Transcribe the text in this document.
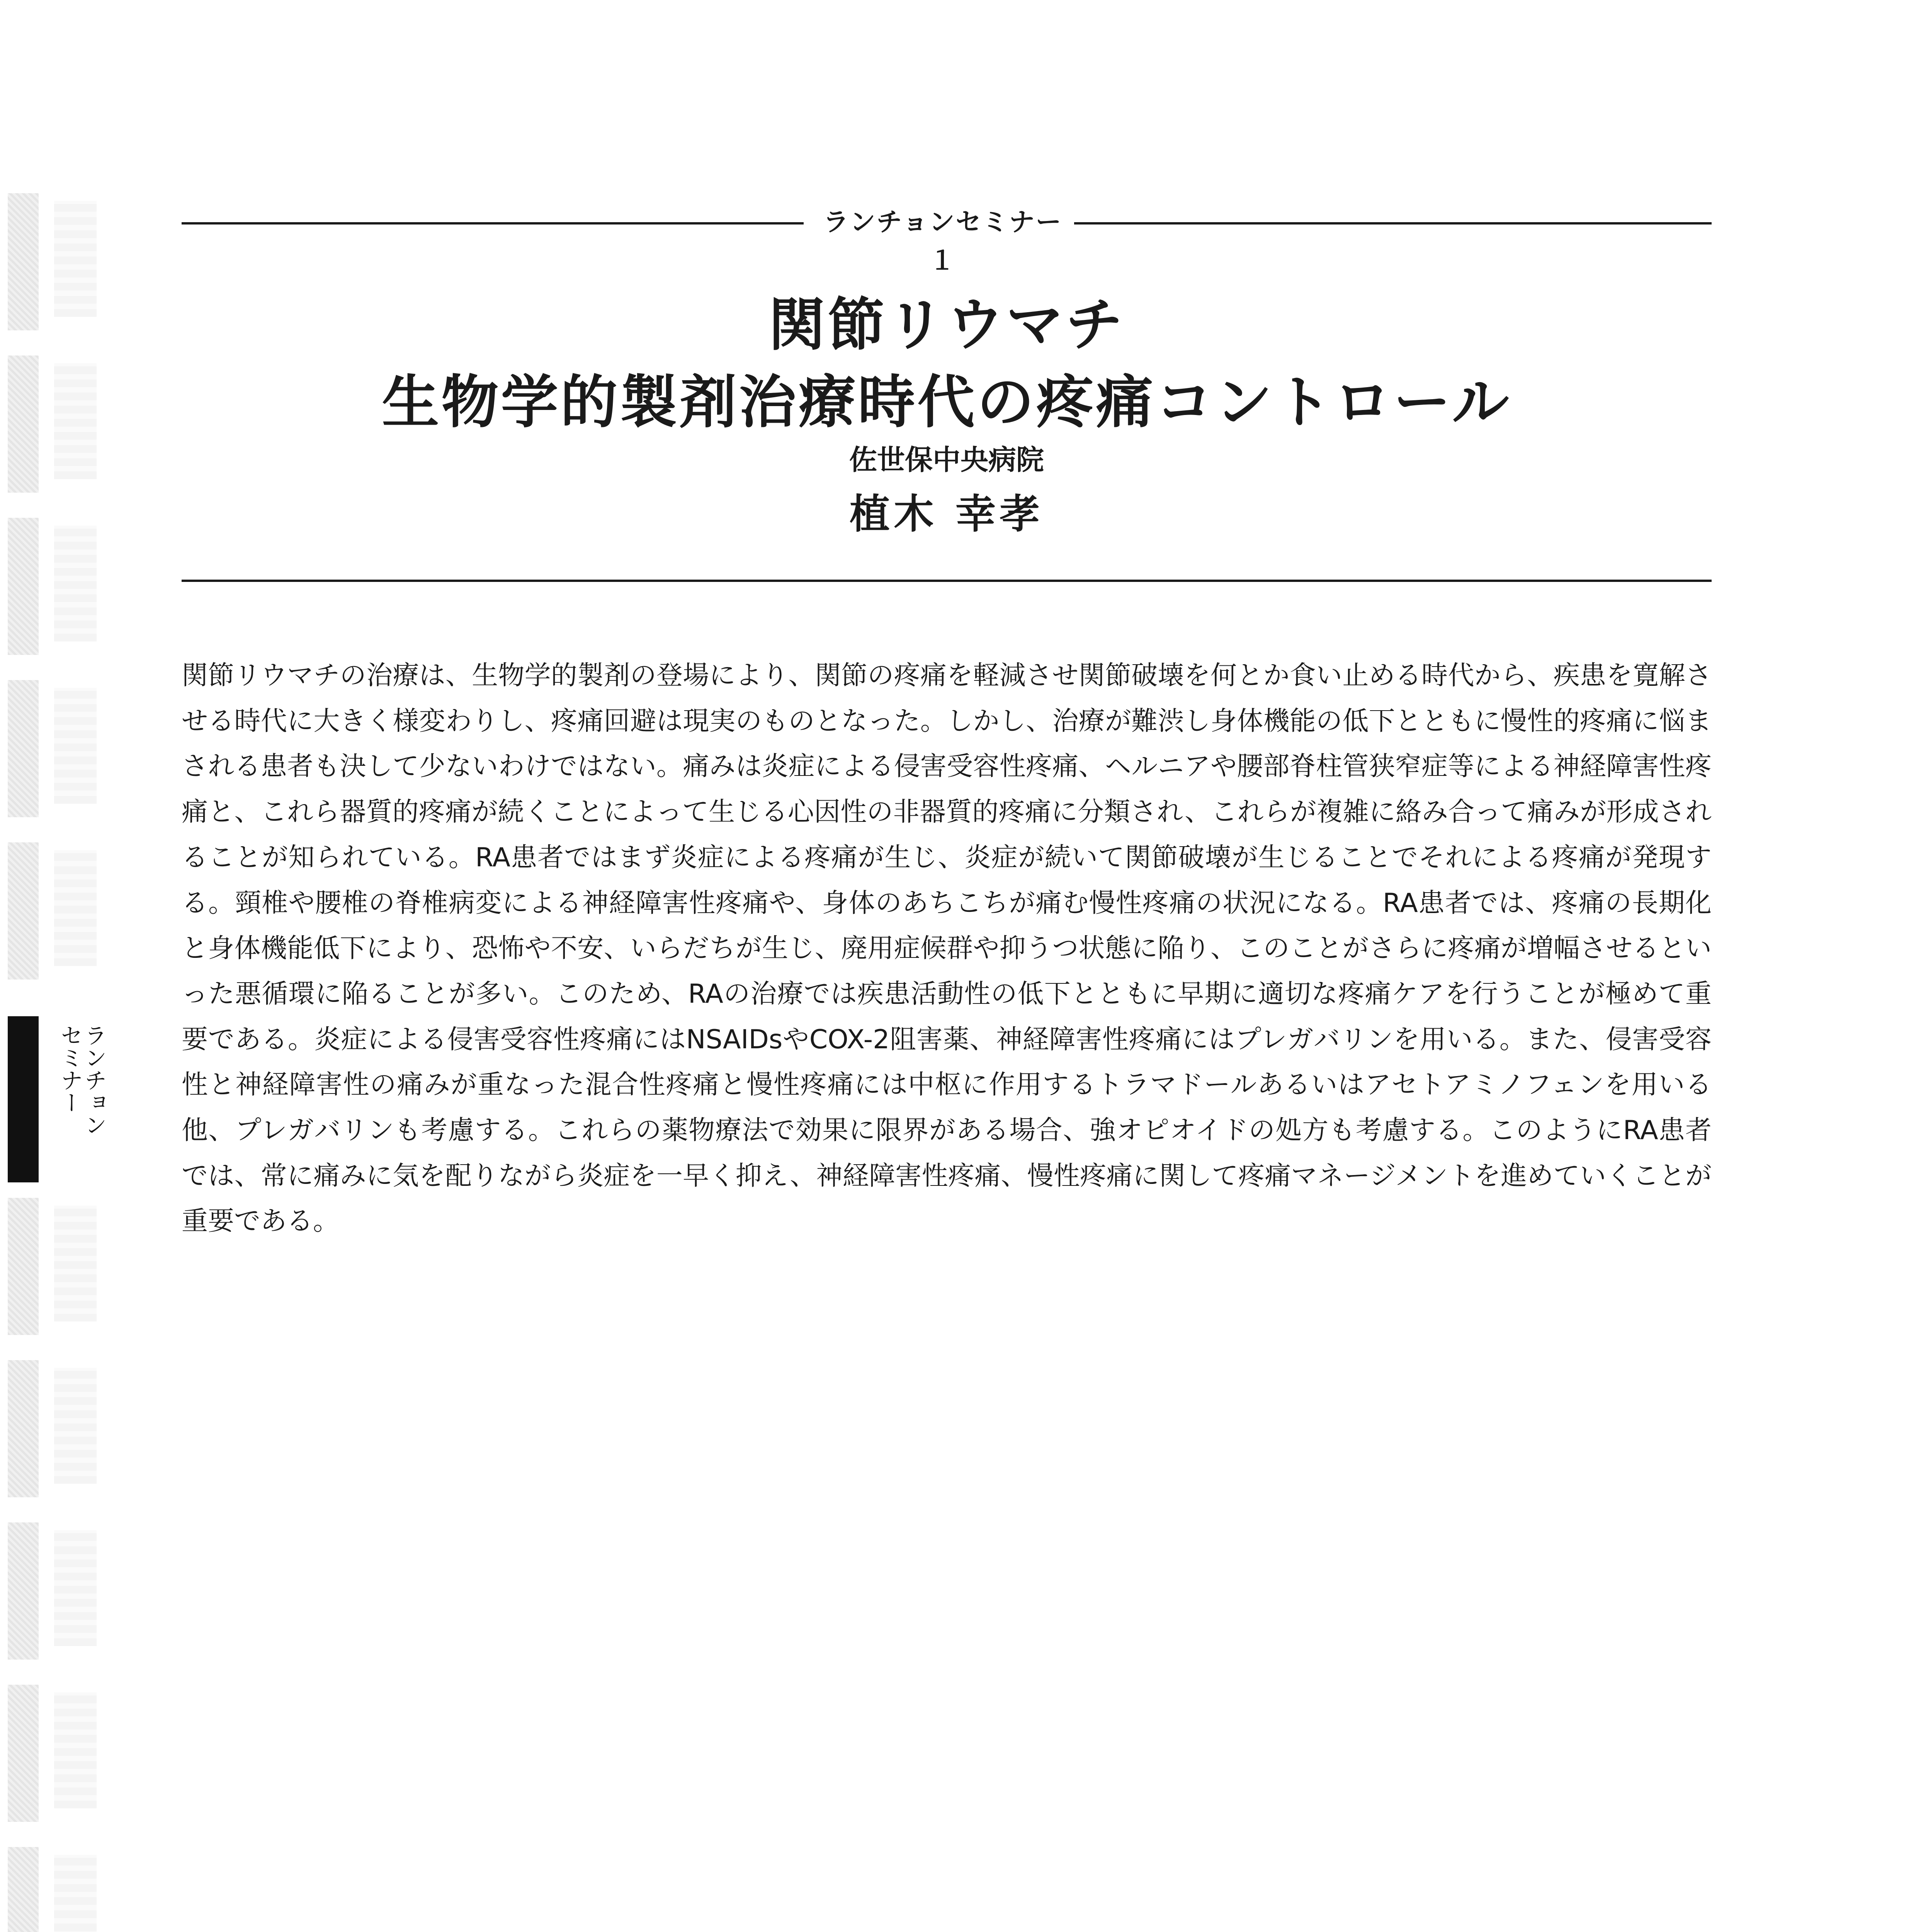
ランチョンセミナー
ランチョンセミナー１
関節リウマチ
生物学的製剤治療時代の疼痛コントロール
佐世保中央病院
植木 幸孝
関節リウマチの治療は、生物学的製剤の登場により、関節の疼痛を軽減させ関節破壊を何とか食い止める時代から、疾患を寛解させる時代に大きく様変わりし、疼痛回避は現実のものとなった。しかし、治療が難渋し身体機能の低下とともに慢性的疼痛に悩まされる患者も決して少ないわけではない。痛みは炎症による侵害受容性疼痛、ヘルニアや腰部脊柱管狭窄症等による神経障害性疼痛と、これら器質的疼痛が続くことによって生じる心因性の非器質的疼痛に分類され、これらが複雑に絡み合って痛みが形成されることが知られている。RA患者ではまず炎症による疼痛が生じ、炎症が続いて関節破壊が生じることでそれによる疼痛が発現する。頸椎や腰椎の脊椎病変による神経障害性疼痛や、身体のあちこちが痛む慢性疼痛の状況になる。RA患者では、疼痛の長期化と身体機能低下により、恐怖や不安、いらだちが生じ、廃用症候群や抑うつ状態に陥り、このことがさらに疼痛が増幅させるといった悪循環に陥ることが多い。このため、RAの治療では疾患活動性の低下とともに早期に適切な疼痛ケアを行うことが極めて重要である。炎症による侵害受容性疼痛にはNSAIDsやCOX-2阻害薬、神経障害性疼痛にはプレガバリンを用いる。また、侵害受容性と神経障害性の痛みが重なった混合性疼痛と慢性疼痛には中枢に作用するトラマドールあるいはアセトアミノフェンを用いる他、プレガバリンも考慮する。これらの薬物療法で効果に限界がある場合、強オピオイドの処方も考慮する。このようにRA患者では、常に痛みに気を配りながら炎症を一早く抑え、神経障害性疼痛、慢性疼痛に関して疼痛マネージメントを進めていくことが重要である。
